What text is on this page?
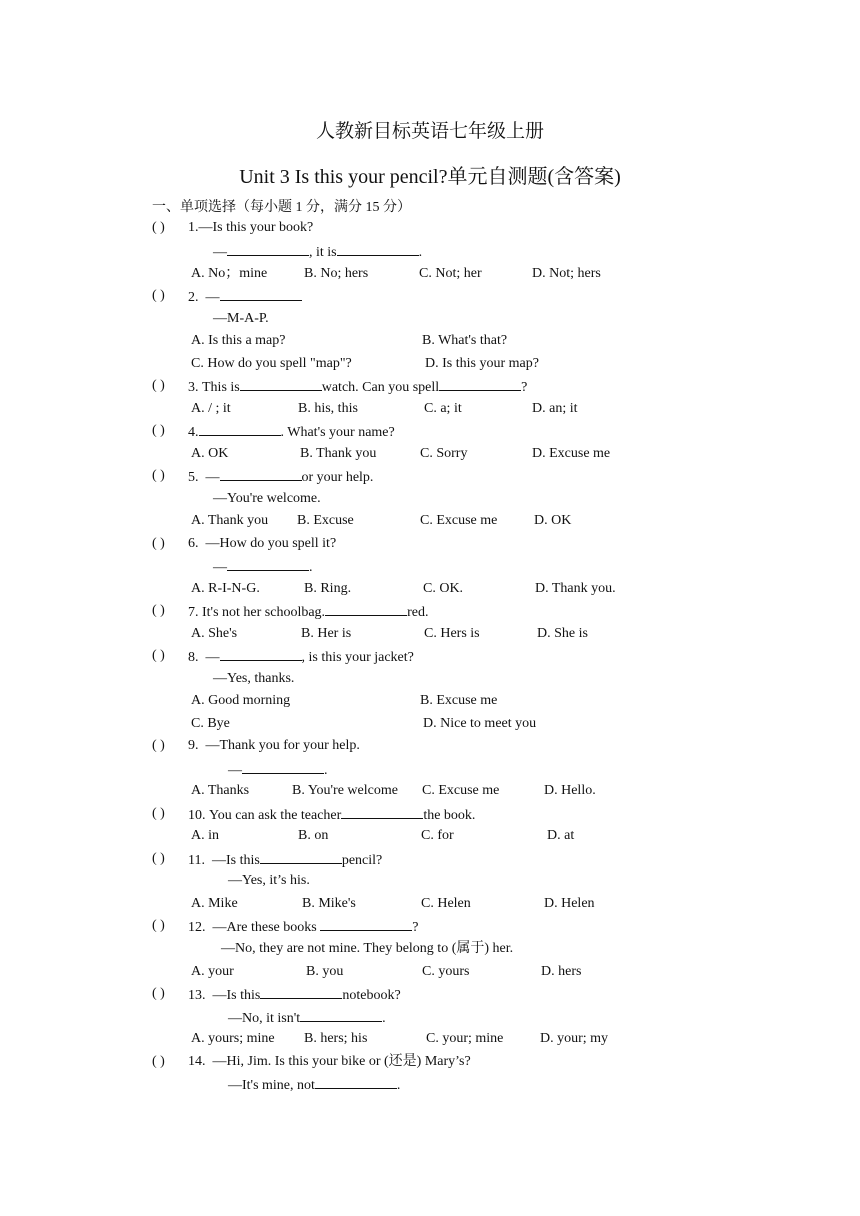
人教新目标英语七年级上册
Unit 3 Is this your pencil?单元自测题(含答案)
一、单项选择（每小题 1 分，满分 15 分）
( ) 1.—Is this your book?
—	, it is	.
A. No；mine	B. No; hers	C. Not; her	D. Not; hers
( ) 2. —
—M-A-P.
A. Is this a map?	B. What's that?
C. How do you spell "map"?	D. Is this your map?
( ) 3. This is	watch. Can you spell	?
A. / ; it	B. his, this	C. a; it	D. an; it
( ) 4.	. What's your name?
A. OK	B. Thank you	C. Sorry	D. Excuse me
( ) 5. —	or your help.
—You're welcome.
A. Thank you B. Excuse	C. Excuse me	D. OK
( ) 6. —How do you spell it?
—	.
A. R-I-N-G.	B. Ring.	C. OK.	D. Thank you.
( ) 7. It's not her schoolbag.	red.
A. She's	B. Her is	C. Hers is	D. She is
( ) 8. —	, is this your jacket?
—Yes, thanks.
A. Good morning	B. Excuse me
C. Bye	D. Nice to meet you
( ) 9. —Thank you for your help.
—	.
A. Thanks	B. You're welcome C. Excuse me	D. Hello.
( ) 10. You can ask the teacher	the book.
A. in	B. on	C. for	D. at
( ) 11. —Is this	pencil?
—Yes, it’s his.
A. Mike	B. Mike's	C. Helen	D. Helen
( ) 12. —Are these books	?
—No, they are not mine. They belong to (属于) her.
A. your	B. you	C. yours	D. hers
( ) 13. —Is this	notebook?
—No, it isn't	.
A. yours; mine B. hers; his	C. your; mine	D. your; my
( ) 14. —Hi, Jim. Is this your bike or (还是) Mary’s?
—It's mine, not	.
